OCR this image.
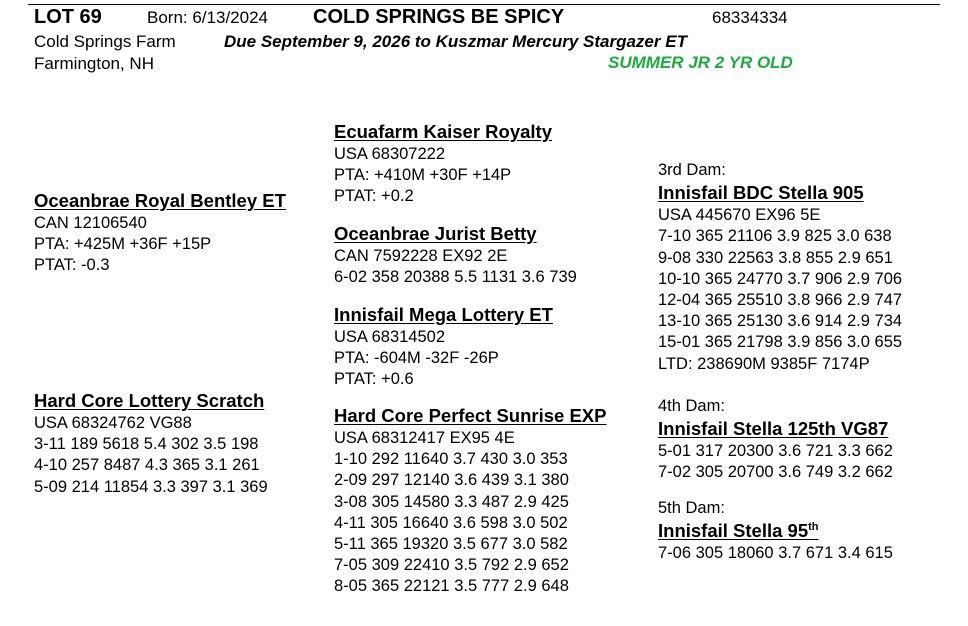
LOT 69	Born: 6/13/2024 COLD SPRINGS BE SPICY	68334334
Cold Springs Farm	Due September 9, 2026 to Kuszmar Mercury Stargazer ET
Farmington, NH	SUMMER JR 2 YR OLD
Oceanbrae Royal Bentley ET
CAN 12106540
PTA: +425M +36F +15P
PTAT: -0.3
Hard Core Lottery Scratch
USA 68324762 VG88
3-11 189 5618 5.4 302 3.5 198
4-10 257 8487 4.3 365 3.1 261
5-09 214 11854 3.3 397 3.1 369
Ecuafarm Kaiser Royalty
USA 68307222
PTA: +410M +30F +14P
PTAT: +0.2
Oceanbrae Jurist Betty
CAN 7592228 EX92 2E
6-02 358 20388 5.5 1131 3.6 739
Innisfail Mega Lottery ET
USA 68314502
PTA: -604M -32F -26P
PTAT: +0.6
Hard Core Perfect Sunrise EXP
USA 68312417 EX95 4E
1-10 292 11640 3.7 430 3.0 353
2-09 297 12140 3.6 439 3.1 380
3-08 305 14580 3.3 487 2.9 425
4-11 305 16640 3.6 598 3.0 502
5-11 365 19320 3.5 677 3.0 582
7-05 309 22410 3.5 792 2.9 652
8-05 365 22121 3.5 777 2.9 648
3rd Dam:
Innisfail BDC Stella 905
USA 445670 EX96 5E
7-10 365 21106 3.9 825 3.0 638
9-08 330 22563 3.8 855 2.9 651
10-10 365 24770 3.7 906 2.9 706
12-04 365 25510 3.8 966 2.9 747
13-10 365 25130 3.6 914 2.9 734
15-01 365 21798 3.9 856 3.0 655
LTD: 238690M 9385F 7174P
4th Dam:
Innisfail Stella 125th VG87
5-01 317 20300 3.6 721 3.3 662
7-02 305 20700 3.6 749 3.2 662
5th Dam:
Innisfail Stella 95th
7-06 305 18060 3.7 671 3.4 615
